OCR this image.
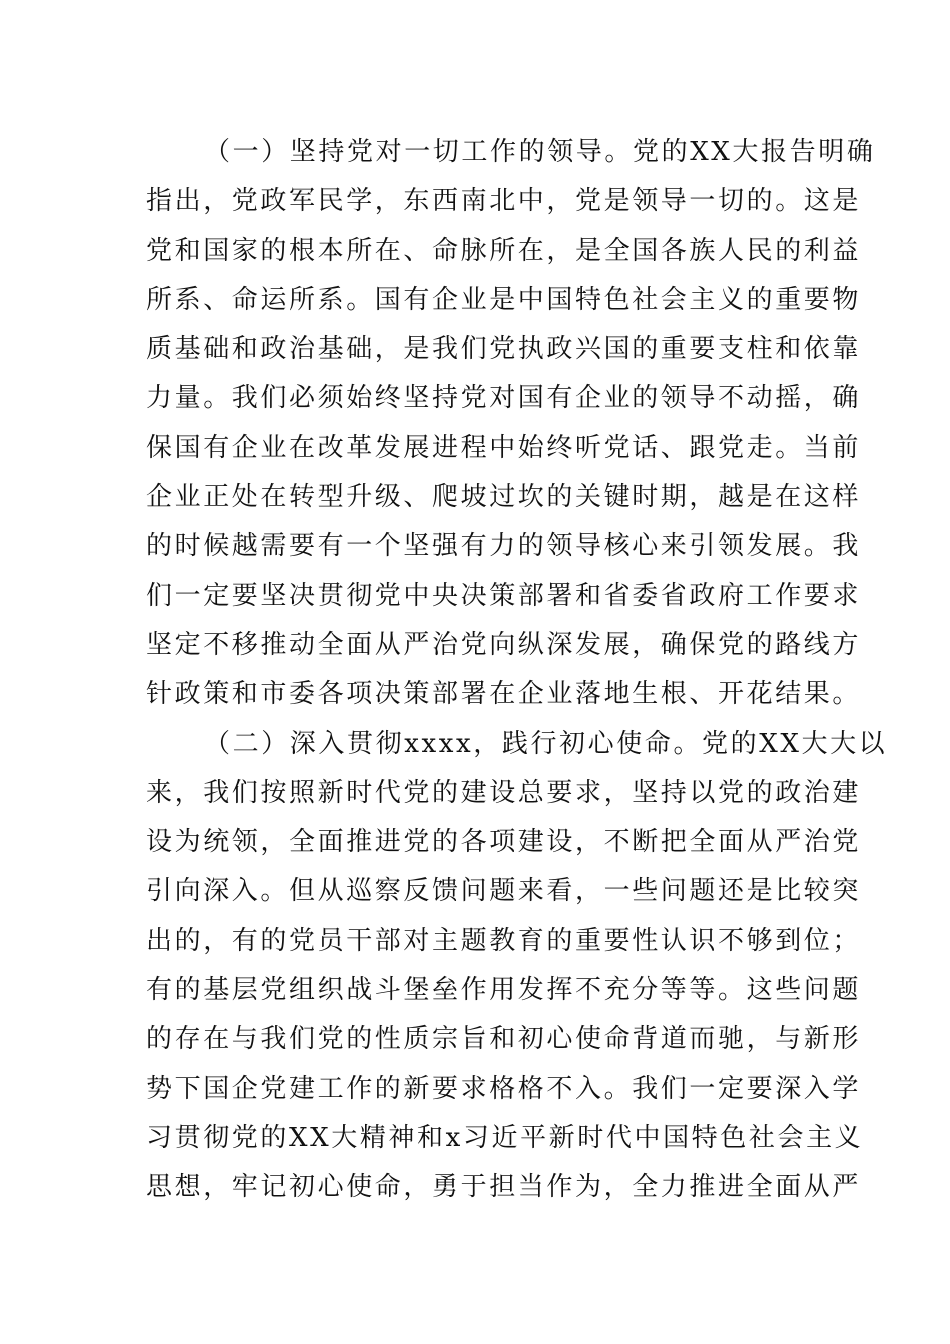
（一）坚持党对一切工作的领导。党的XX大报告明确
指出，党政军民学，东西南北中，党是领导一切的。这是
党和国家的根本所在、命脉所在，是全国各族人民的利益
所系、命运所系。国有企业是中国特色社会主义的重要物
质基础和政治基础，是我们党执政兴国的重要支柱和依靠
力量。我们必须始终坚持党对国有企业的领导不动摇，确
保国有企业在改革发展进程中始终听党话、跟党走。当前
企业正处在转型升级、爬坡过坎的关键时期，越是在这样
的时候越需要有一个坚强有力的领导核心来引领发展。我
们一定要坚决贯彻党中央决策部署和省委省政府工作要求
坚定不移推动全面从严治党向纵深发展，确保党的路线方
针政策和市委各项决策部署在企业落地生根、开花结果。
（二）深入贯彻xxxx，践行初心使命。党的XX大大以
来，我们按照新时代党的建设总要求，坚持以党的政治建
设为统领，全面推进党的各项建设，不断把全面从严治党
引向深入。但从巡察反馈问题来看，一些问题还是比较突
出的，有的党员干部对主题教育的重要性认识不够到位；
有的基层党组织战斗堡垒作用发挥不充分等等。这些问题
的存在与我们党的性质宗旨和初心使命背道而驰，与新形
势下国企党建工作的新要求格格不入。我们一定要深入学
习贯彻党的XX大精神和x习近平新时代中国特色社会主义
思想，牢记初心使命，勇于担当作为，全力推进全面从严
